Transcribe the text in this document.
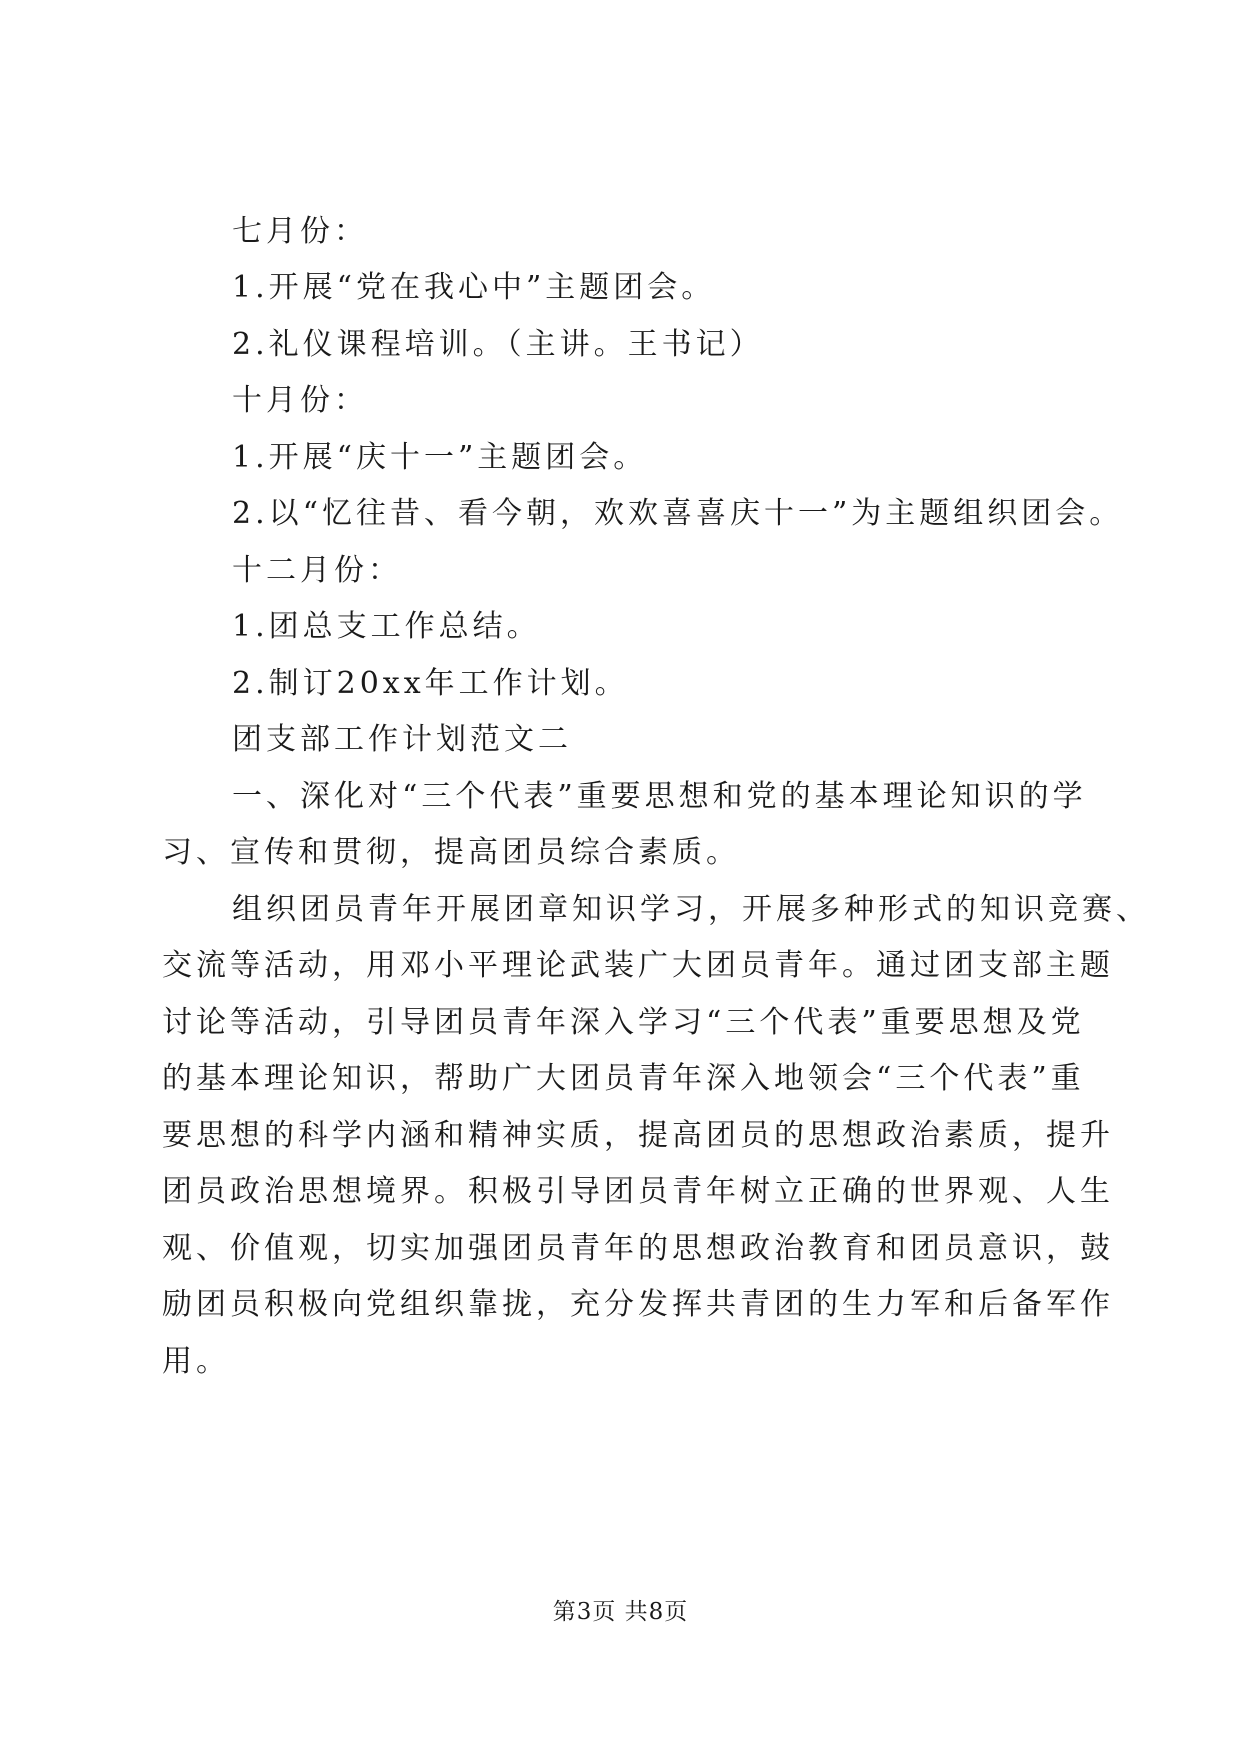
七月份：
1.开展“党在我心中”主题团会。
2.礼仪课程培训。（主讲。王书记）
十月份：
1.开展“庆十一”主题团会。
2.以“忆往昔、看今朝，欢欢喜喜庆十一”为主题组织团会。
十二月份：
1.团总支工作总结。
2.制订20xx年工作计划。
团支部工作计划范文二
一、深化对“三个代表”重要思想和党的基本理论知识的学
习、宣传和贯彻，提高团员综合素质。
组织团员青年开展团章知识学习，开展多种形式的知识竞赛、
交流等活动，用邓小平理论武装广大团员青年。通过团支部主题
讨论等活动，引导团员青年深入学习“三个代表”重要思想及党
的基本理论知识，帮助广大团员青年深入地领会“三个代表”重
要思想的科学内涵和精神实质，提高团员的思想政治素质，提升
团员政治思想境界。积极引导团员青年树立正确的世界观、人生
观、价值观，切实加强团员青年的思想政治教育和团员意识，鼓
励团员积极向党组织靠拢，充分发挥共青团的生力军和后备军作
用。
第3页 共8页
